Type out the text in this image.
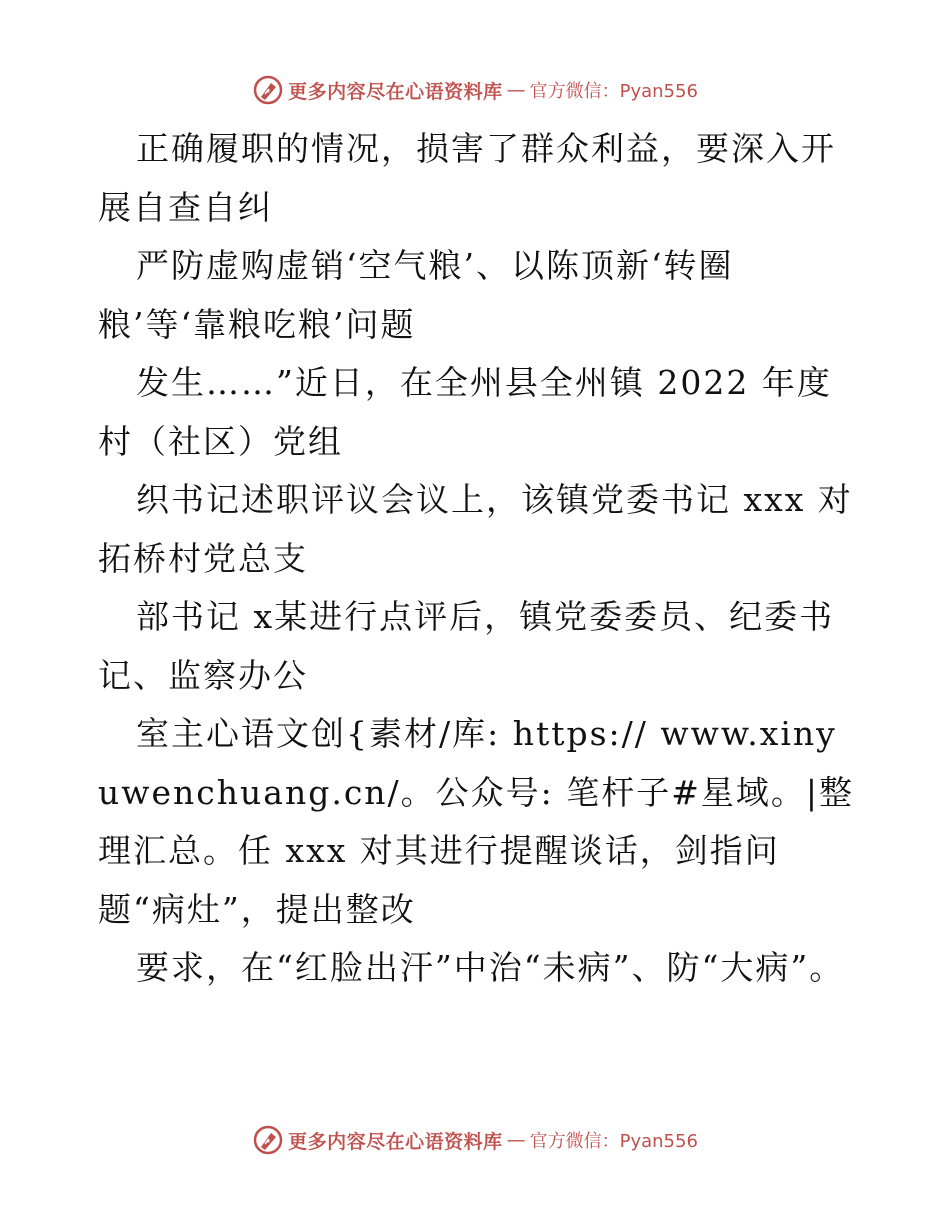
更多内容尽在心语资料库 — 官方微信：Pyan556

正确履职的情况，损害了群众利益，要深入开展自查自纠

严防虚购虚销‘空气粮’、以陈顶新‘转圈粮’等‘靠粮吃粮’问题

发生……”近日，在全州县全州镇 2022 年度村（社区）党组

织书记述职评议会议上，该镇党委书记 xxx 对拓桥村党总支

部书记 x某进行点评后，镇党委委员、纪委书记、监察办公

室主心语文创{素材/库: https:// www.xinyuwenchuang.cn/。公众号: 笔杆子#星域。|整理汇总。任 xxx 对其进行提醒谈话，剑指问题“病灶”，提出整改

要求，在“红脸出汗”中治“未病”、防“大病”。

更多内容尽在心语资料库 — 官方微信：Pyan556
